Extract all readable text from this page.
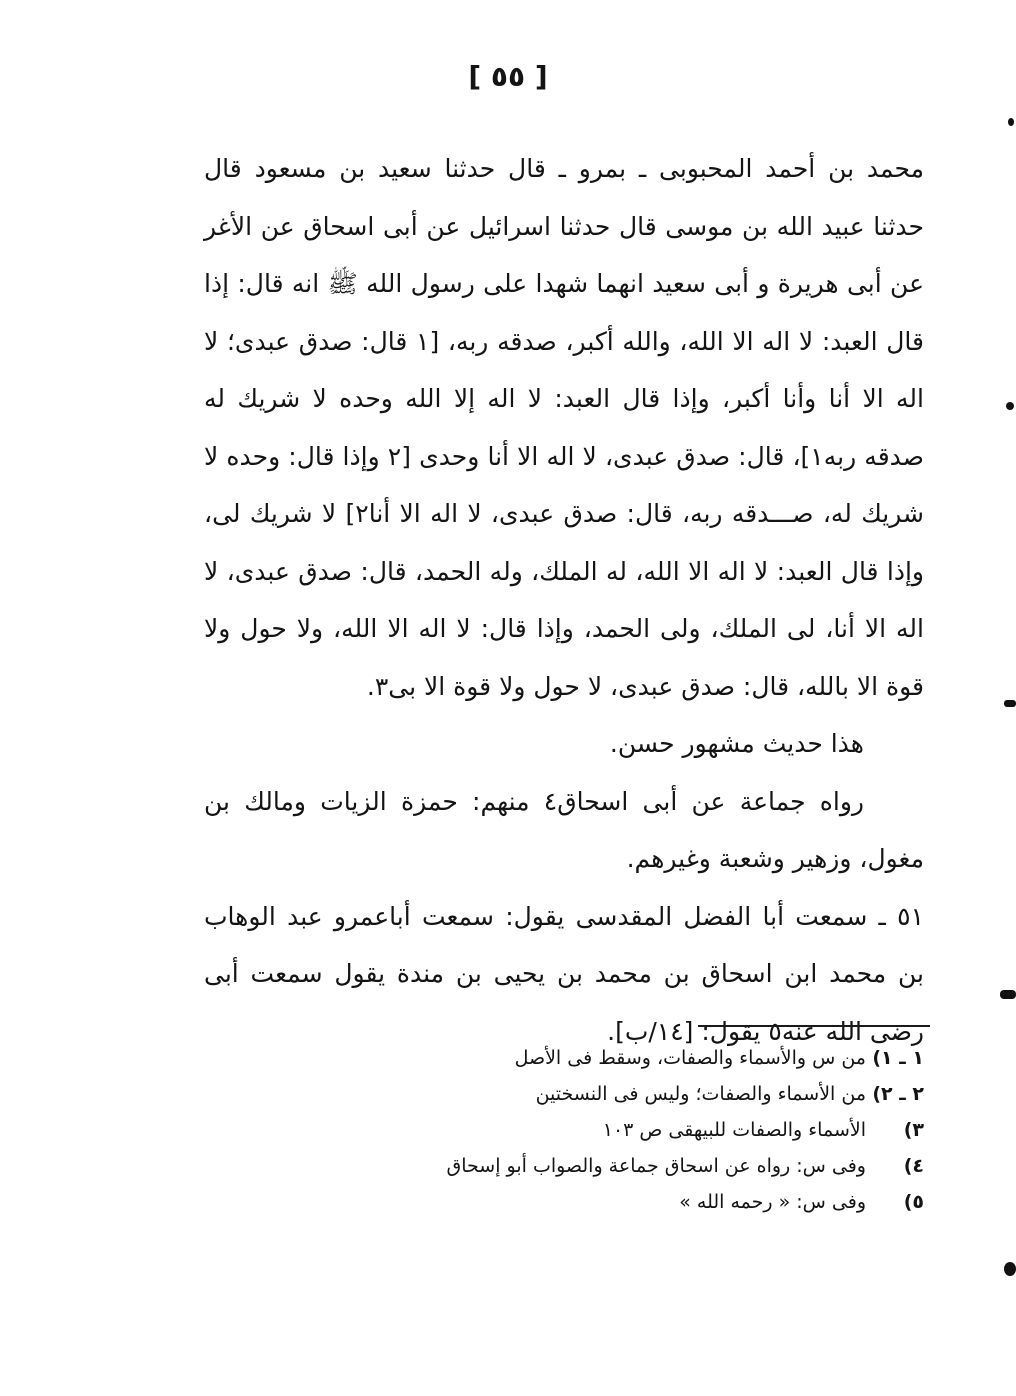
[ ٥٥ ]

محمد بن أحمد المحبوبى ـ بمرو ـ قال حدثنا سعيد بن مسعود قال حدثنا عبيد الله بن موسى قال حدثنا اسرائيل عن أبى اسحاق عن الأغر عن أبى هريرة و أبى سعيد انهما شهدا على رسول الله ﷺ انه قال: إذا قال العبد: لا اله الا الله، والله أكبر، صدقه ربه، [١ قال: صدق عبدى؛ لا اله الا أنا وأنا أكبر، وإذا قال العبد: لا اله إلا الله وحده لا شريك له صدقه ربه١]، قال: صدق عبدى، لا اله الا أنا وحدى [٢ وإذا قال: وحده لا شريك له، صـــدقه ربه، قال: صدق عبدى، لا اله الا أنا٢] لا شريك لى، وإذا قال العبد: لا اله الا الله، له الملك، وله الحمد، قال: صدق عبدى، لا اله الا أنا، لى الملك، ولى الحمد، وإذا قال: لا اله الا الله، ولا حول ولا قوة الا بالله، قال: صدق عبدى، لا حول ولا قوة الا بى٣.

هذا حديث مشهور حسن.

رواه جماعة عن أبى اسحاق٤ منهم: حمزة الزيات ومالك بن مغول، وزهير وشعبة وغيرهم.

٥١ ـ سمعت أبا الفضل المقدسى يقول: سمعت أباعمرو عبد الوهاب بن محمد ابن اسحاق بن محمد بن يحيى بن مندة يقول سمعت أبى رضى الله عنه٥ يقول: [١٤/ب].

١ ـ ١)من س والأسماء والصفات، وسقط فى الأصل
٢ ـ ٢)من الأسماء والصفات؛ وليس فى النسختين
٣)الأسماء والصفات للبيهقى ص ١٠٣
٤)وفى س: رواه عن اسحاق جماعة والصواب أبو إسحاق
٥)وفى س: « رحمه الله »
